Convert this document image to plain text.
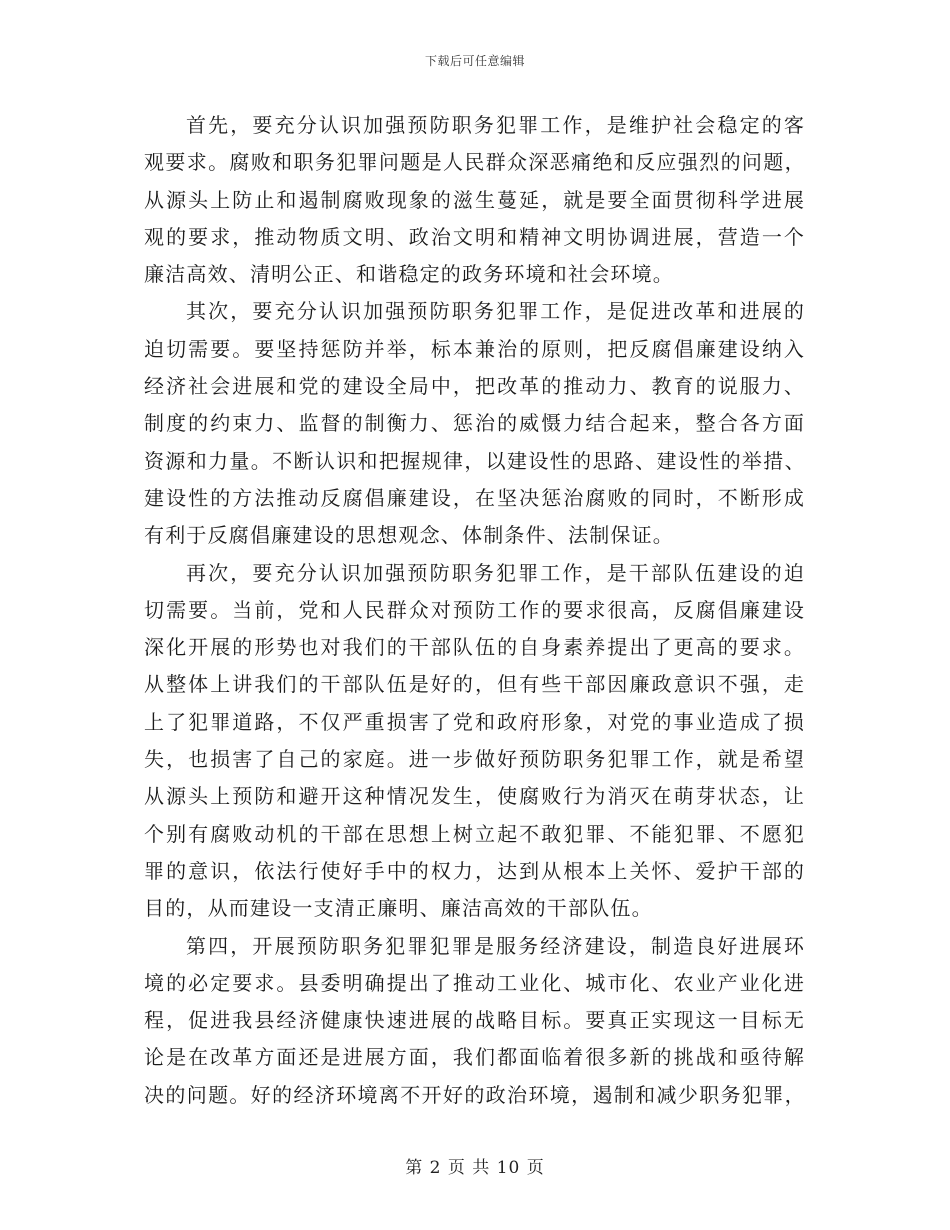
下载后可任意编辑
首先，要充分认识加强预防职务犯罪工作，是维护社会稳定的客
观要求。腐败和职务犯罪问题是人民群众深恶痛绝和反应强烈的问题，
从源头上防止和遏制腐败现象的滋生蔓延，就是要全面贯彻科学进展
观的要求，推动物质文明、政治文明和精神文明协调进展，营造一个
廉洁高效、清明公正、和谐稳定的政务环境和社会环境。
其次，要充分认识加强预防职务犯罪工作，是促进改革和进展的
迫切需要。要坚持惩防并举，标本兼治的原则，把反腐倡廉建设纳入
经济社会进展和党的建设全局中，把改革的推动力、教育的说服力、
制度的约束力、监督的制衡力、惩治的威慑力结合起来，整合各方面
资源和力量。不断认识和把握规律，以建设性的思路、建设性的举措、
建设性的方法推动反腐倡廉建设，在坚决惩治腐败的同时，不断形成
有利于反腐倡廉建设的思想观念、体制条件、法制保证。
再次，要充分认识加强预防职务犯罪工作，是干部队伍建设的迫
切需要。当前，党和人民群众对预防工作的要求很高，反腐倡廉建设
深化开展的形势也对我们的干部队伍的自身素养提出了更高的要求。
从整体上讲我们的干部队伍是好的，但有些干部因廉政意识不强，走
上了犯罪道路，不仅严重损害了党和政府形象，对党的事业造成了损
失，也损害了自己的家庭。进一步做好预防职务犯罪工作，就是希望
从源头上预防和避开这种情况发生，使腐败行为消灭在萌芽状态，让
个别有腐败动机的干部在思想上树立起不敢犯罪、不能犯罪、不愿犯
罪的意识，依法行使好手中的权力，达到从根本上关怀、爱护干部的
目的，从而建设一支清正廉明、廉洁高效的干部队伍。
第四，开展预防职务犯罪犯罪是服务经济建设，制造良好进展环
境的必定要求。县委明确提出了推动工业化、城市化、农业产业化进
程，促进我县经济健康快速进展的战略目标。要真正实现这一目标无
论是在改革方面还是进展方面，我们都面临着很多新的挑战和亟待解
决的问题。好的经济环境离不开好的政治环境，遏制和减少职务犯罪，
第 2 页 共 10 页
